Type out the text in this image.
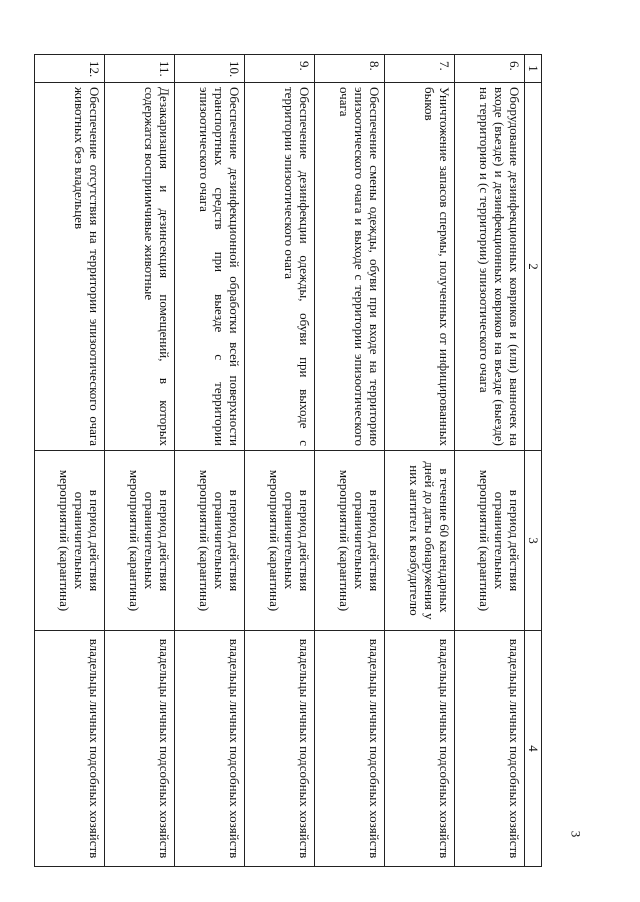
3
1	2	3	4
6.	Оборудование дезинфекционных ковриков и (или) ванночек на входе (въезде) и дезинфекционных ковриков на въезде (выезде) на территорию и (с территории) эпизоотического очага	в период действия ограничительных мероприятий (карантина)	владельцы личных подсобных хозяйств
7.	Уничтожение запасов спермы, полученных от инфицированных быков	в течение 60 календарных дней до даты обнаружения у них антител к возбудителю	владельцы личных подсобных хозяйств
8.	Обеспечение смены одежды, обуви при входе на территорию эпизоотического очага и выходе с территории эпизоотического очага	в период действия ограничительных мероприятий (карантина)	владельцы личных подсобных хозяйств
9.	Обеспечение дезинфекции одежды, обуви при выходе с территории эпизоотического очага	в период действия ограничительных мероприятий (карантина)	владельцы личных подсобных хозяйств
10.	Обеспечение дезинфекционной обработки всей поверхности транспортных средств при выезде с территории эпизоотического очага	в период действия ограничительных мероприятий (карантина)	владельцы личных подсобных хозяйств
11.	Дезакаризация и дезинсекция помещений, в которых содержатся восприимчивые животные	в период действия ограничительных мероприятий (карантина)	владельцы личных подсобных хозяйств
12.	Обеспечение отсутствия на территории эпизоотического очага животных без владельцев	в период действия ограничительных мероприятий (карантина)	владельцы личных подсобных хозяйств
